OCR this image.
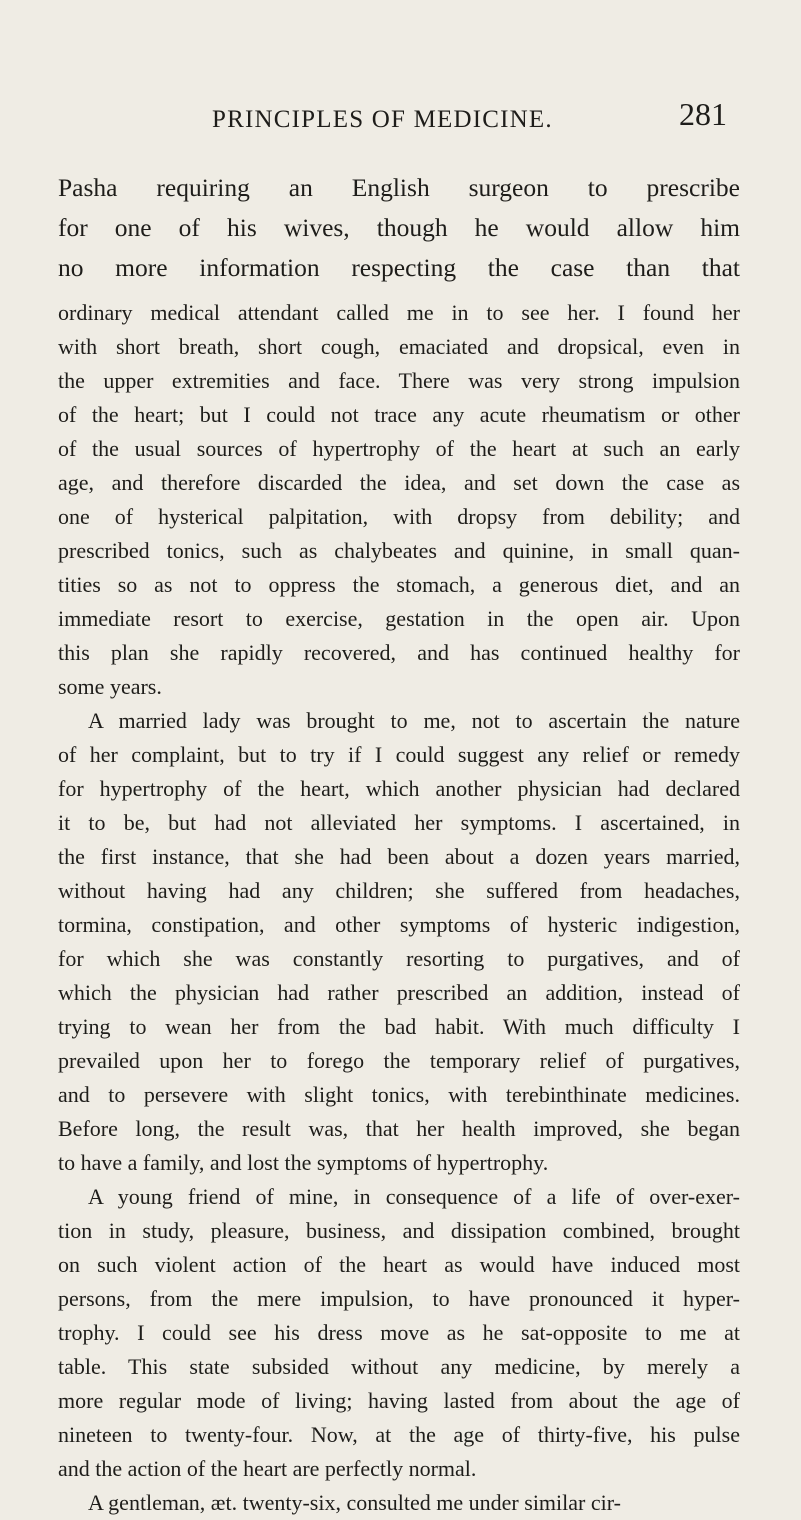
PRINCIPLES OF MEDICINE.	281
Pasha requiring an English surgeon to prescribe
for one of his wives, though he would allow him
no more information respecting the case than that
ordinary medical attendant called me in to see her. I found her
with short breath, short cough, emaciated and dropsical, even in
the upper extremities and face. There was very strong impulsion
of the heart; but I could not trace any acute rheumatism or other
of the usual sources of hypertrophy of the heart at such an early
age, and therefore discarded the idea, and set down the case as
one of hysterical palpitation, with dropsy from debility; and
prescribed tonics, such as chalybeates and quinine, in small quan-
tities so as not to oppress the stomach, a generous diet, and an
immediate resort to exercise, gestation in the open air. Upon
this plan she rapidly recovered, and has continued healthy for
some years.
A married lady was brought to me, not to ascertain the nature
of her complaint, but to try if I could suggest any relief or remedy
for hypertrophy of the heart, which another physician had declared
it to be, but had not alleviated her symptoms. I ascertained, in
the first instance, that she had been about a dozen years married,
without having had any children; she suffered from headaches,
tormina, constipation, and other symptoms of hysteric indigestion,
for which she was constantly resorting to purgatives, and of
which the physician had rather prescribed an addition, instead of
trying to wean her from the bad habit. With much difficulty I
prevailed upon her to forego the temporary relief of purgatives,
and to persevere with slight tonics, with terebinthinate medicines.
Before long, the result was, that her health improved, she began
to have a family, and lost the symptoms of hypertrophy.
A young friend of mine, in consequence of a life of over-exer-
tion in study, pleasure, business, and dissipation combined, brought
on such violent action of the heart as would have induced most
persons, from the mere impulsion, to have pronounced it hyper-
trophy. I could see his dress move as he sat-opposite to me at
table. This state subsided without any medicine, by merely a
more regular mode of living; having lasted from about the age of
nineteen to twenty-four. Now, at the age of thirty-five, his pulse
and the action of the heart are perfectly normal.
A gentleman, æt. twenty-six, consulted me under similar cir-
